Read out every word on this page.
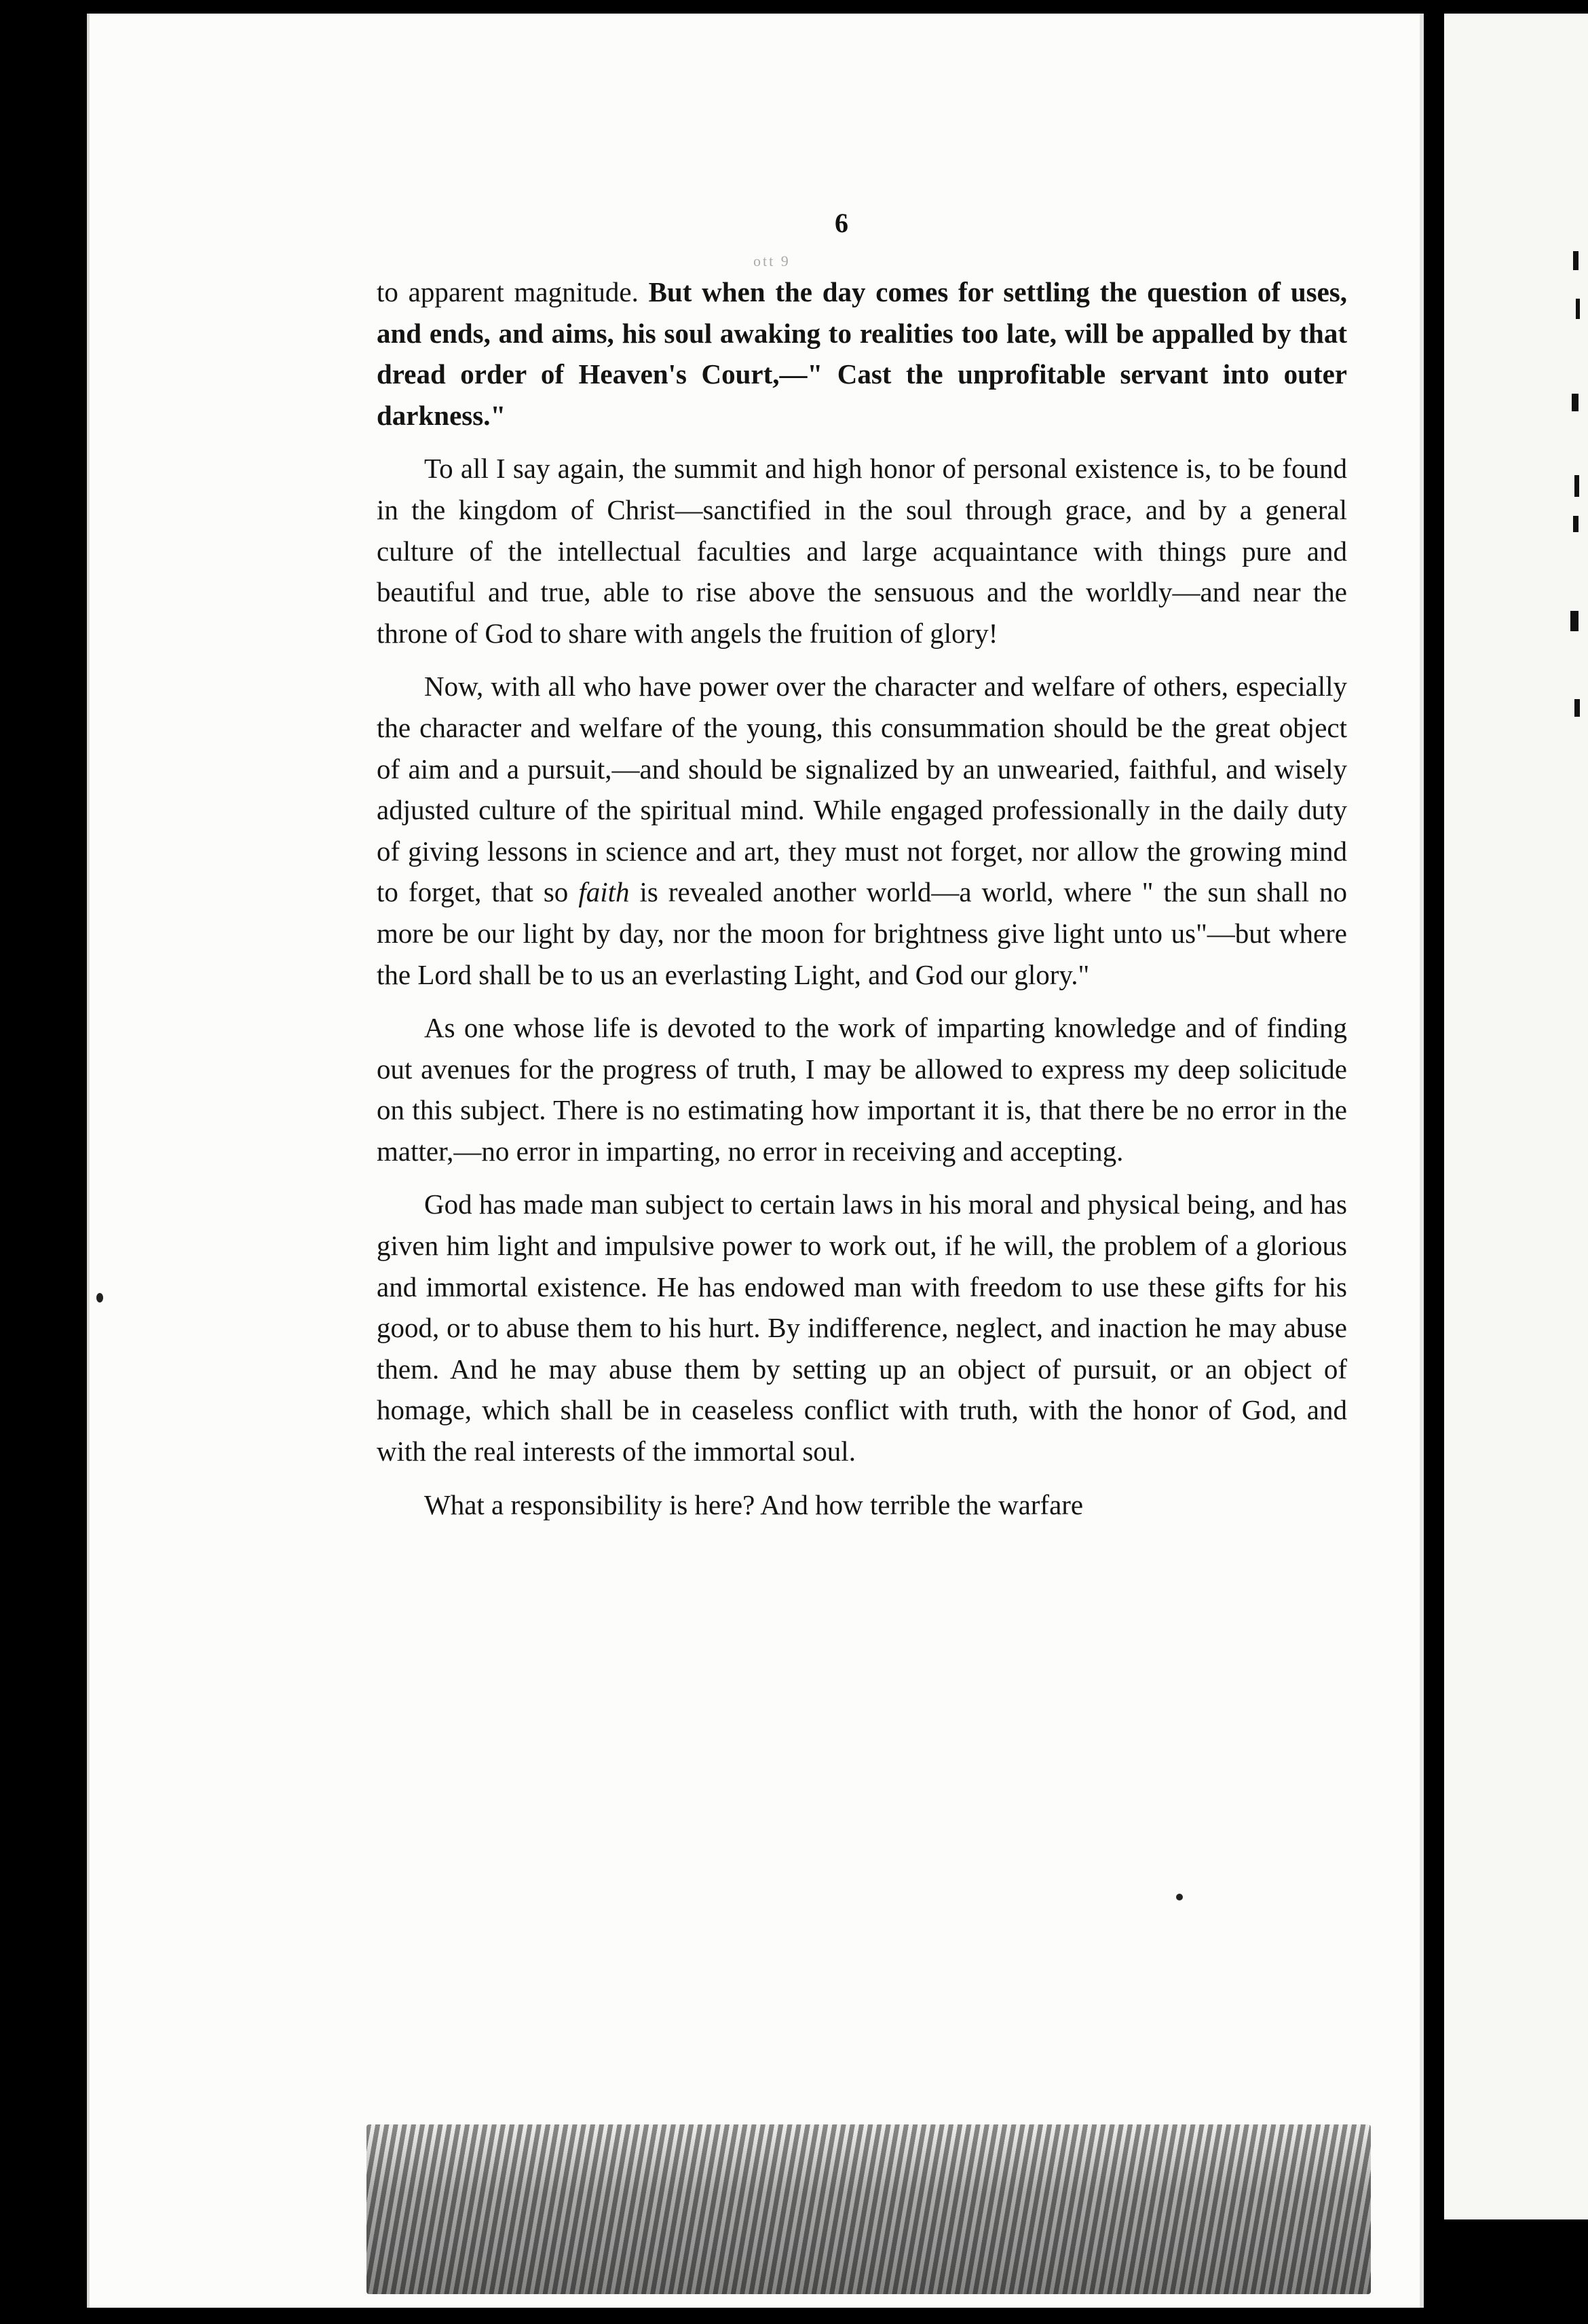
6
ott 9

to apparent magnitude. But when the day comes for settling the question of uses, and ends, and aims, his soul awaking to realities too late, will be appalled by that dread order of Heaven's Court,—" Cast the unprofitable servant into outer darkness."

To all I say again, the summit and high honor of personal existence is, to be found in the kingdom of Christ—sanctified in the soul through grace, and by a general culture of the intellectual faculties and large acquaintance with things pure and beautiful and true, able to rise above the sensuous and the worldly—and near the throne of God to share with angels the fruition of glory!

Now, with all who have power over the character and welfare of others, especially the character and welfare of the young, this consummation should be the great object of aim and a pursuit,—and should be signalized by an unwearied, faithful, and wisely adjusted culture of the spiritual mind. While engaged professionally in the daily duty of giving lessons in science and art, they must not forget, nor allow the growing mind to forget, that so faith is revealed another world—a world, where " the sun shall no more be our light by day, nor the moon for brightness give light unto us"—but where the Lord shall be to us an everlasting Light, and God our glory."

As one whose life is devoted to the work of imparting knowledge and of finding out avenues for the progress of truth, I may be allowed to express my deep solicitude on this subject. There is no estimating how important it is, that there be no error in the matter,—no error in imparting, no error in receiving and accepting.

God has made man subject to certain laws in his moral and physical being, and has given him light and impulsive power to work out, if he will, the problem of a glorious and immortal existence. He has endowed man with freedom to use these gifts for his good, or to abuse them to his hurt. By indifference, neglect, and inaction he may abuse them. And he may abuse them by setting up an object of pursuit, or an object of homage, which shall be in ceaseless conflict with truth, with the honor of God, and with the real interests of the immortal soul.

What a responsibility is here? And how terrible the warfare
